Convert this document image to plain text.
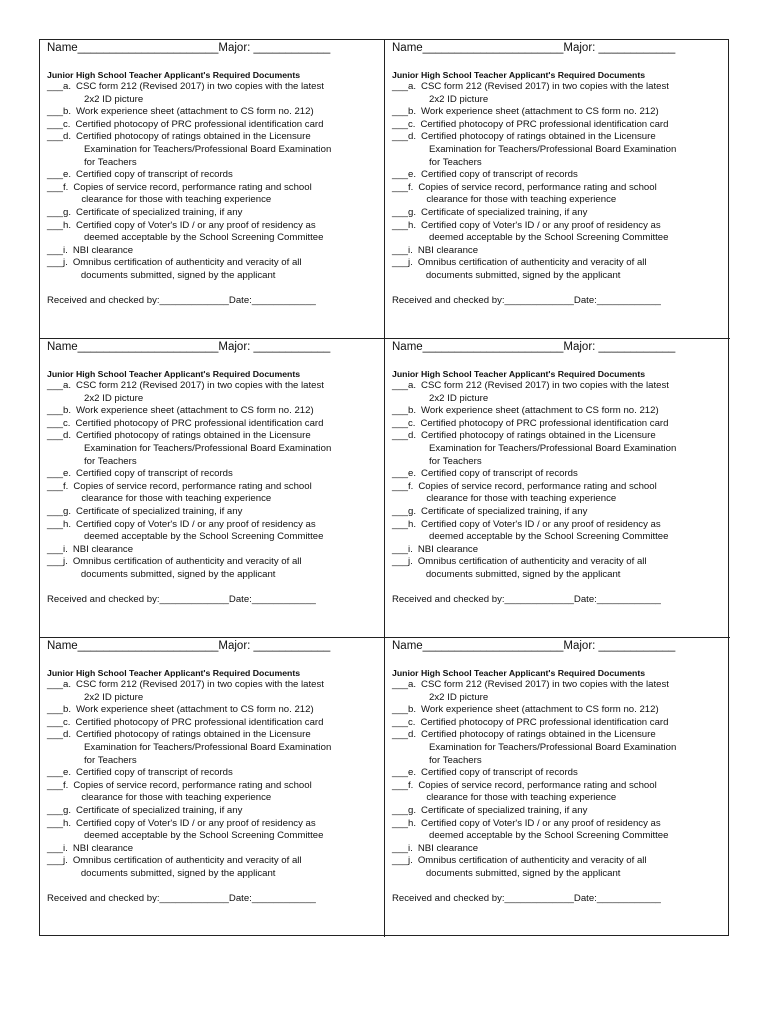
Name______________________Major: ____________
Junior High School Teacher Applicant's Required Documents
___a. CSC form 212 (Revised 2017) in two copies with the latest
2x2 ID picture
___b. Work experience sheet (attachment to CS form no. 212)
___c. Certified photocopy of PRC professional identification card
___d. Certified photocopy of ratings obtained in the Licensure
Examination for Teachers/Professional Board Examination
for Teachers
___e. Certified copy of transcript of records
___f. Copies of service record, performance rating and school
clearance for those with teaching experience
___g. Certificate of specialized training, if any
___h. Certified copy of Voter's ID / or any proof of residency as
deemed acceptable by the School Screening Committee
___i. NBI clearance
___j. Omnibus certification of authenticity and veracity of all
documents submitted, signed by the applicant
Received and checked by:_____________Date:____________
Name______________________Major: ____________
Junior High School Teacher Applicant's Required Documents
___a. CSC form 212 (Revised 2017) in two copies with the latest
2x2 ID picture
___b. Work experience sheet (attachment to CS form no. 212)
___c. Certified photocopy of PRC professional identification card
___d. Certified photocopy of ratings obtained in the Licensure
Examination for Teachers/Professional Board Examination
for Teachers
___e. Certified copy of transcript of records
___f. Copies of service record, performance rating and school
clearance for those with teaching experience
___g. Certificate of specialized training, if any
___h. Certified copy of Voter's ID / or any proof of residency as
deemed acceptable by the School Screening Committee
___i. NBI clearance
___j. Omnibus certification of authenticity and veracity of all
documents submitted, signed by the applicant
Received and checked by:_____________Date:____________
Name______________________Major: ____________
Junior High School Teacher Applicant's Required Documents
___a. CSC form 212 (Revised 2017) in two copies with the latest
2x2 ID picture
___b. Work experience sheet (attachment to CS form no. 212)
___c. Certified photocopy of PRC professional identification card
___d. Certified photocopy of ratings obtained in the Licensure
Examination for Teachers/Professional Board Examination
for Teachers
___e. Certified copy of transcript of records
___f. Copies of service record, performance rating and school
clearance for those with teaching experience
___g. Certificate of specialized training, if any
___h. Certified copy of Voter's ID / or any proof of residency as
deemed acceptable by the School Screening Committee
___i. NBI clearance
___j. Omnibus certification of authenticity and veracity of all
documents submitted, signed by the applicant
Received and checked by:_____________Date:____________
Name______________________Major: ____________
Junior High School Teacher Applicant's Required Documents
___a. CSC form 212 (Revised 2017) in two copies with the latest
2x2 ID picture
___b. Work experience sheet (attachment to CS form no. 212)
___c. Certified photocopy of PRC professional identification card
___d. Certified photocopy of ratings obtained in the Licensure
Examination for Teachers/Professional Board Examination
for Teachers
___e. Certified copy of transcript of records
___f. Copies of service record, performance rating and school
clearance for those with teaching experience
___g. Certificate of specialized training, if any
___h. Certified copy of Voter's ID / or any proof of residency as
deemed acceptable by the School Screening Committee
___i. NBI clearance
___j. Omnibus certification of authenticity and veracity of all
documents submitted, signed by the applicant
Received and checked by:_____________Date:____________
Name______________________Major: ____________
Junior High School Teacher Applicant's Required Documents
___a. CSC form 212 (Revised 2017) in two copies with the latest
2x2 ID picture
___b. Work experience sheet (attachment to CS form no. 212)
___c. Certified photocopy of PRC professional identification card
___d. Certified photocopy of ratings obtained in the Licensure
Examination for Teachers/Professional Board Examination
for Teachers
___e. Certified copy of transcript of records
___f. Copies of service record, performance rating and school
clearance for those with teaching experience
___g. Certificate of specialized training, if any
___h. Certified copy of Voter's ID / or any proof of residency as
deemed acceptable by the School Screening Committee
___i. NBI clearance
___j. Omnibus certification of authenticity and veracity of all
documents submitted, signed by the applicant
Received and checked by:_____________Date:____________
Name______________________Major: ____________
Junior High School Teacher Applicant's Required Documents
___a. CSC form 212 (Revised 2017) in two copies with the latest
2x2 ID picture
___b. Work experience sheet (attachment to CS form no. 212)
___c. Certified photocopy of PRC professional identification card
___d. Certified photocopy of ratings obtained in the Licensure
Examination for Teachers/Professional Board Examination
for Teachers
___e. Certified copy of transcript of records
___f. Copies of service record, performance rating and school
clearance for those with teaching experience
___g. Certificate of specialized training, if any
___h. Certified copy of Voter's ID / or any proof of residency as
deemed acceptable by the School Screening Committee
___i. NBI clearance
___j. Omnibus certification of authenticity and veracity of all
documents submitted, signed by the applicant
Received and checked by:_____________Date:____________
